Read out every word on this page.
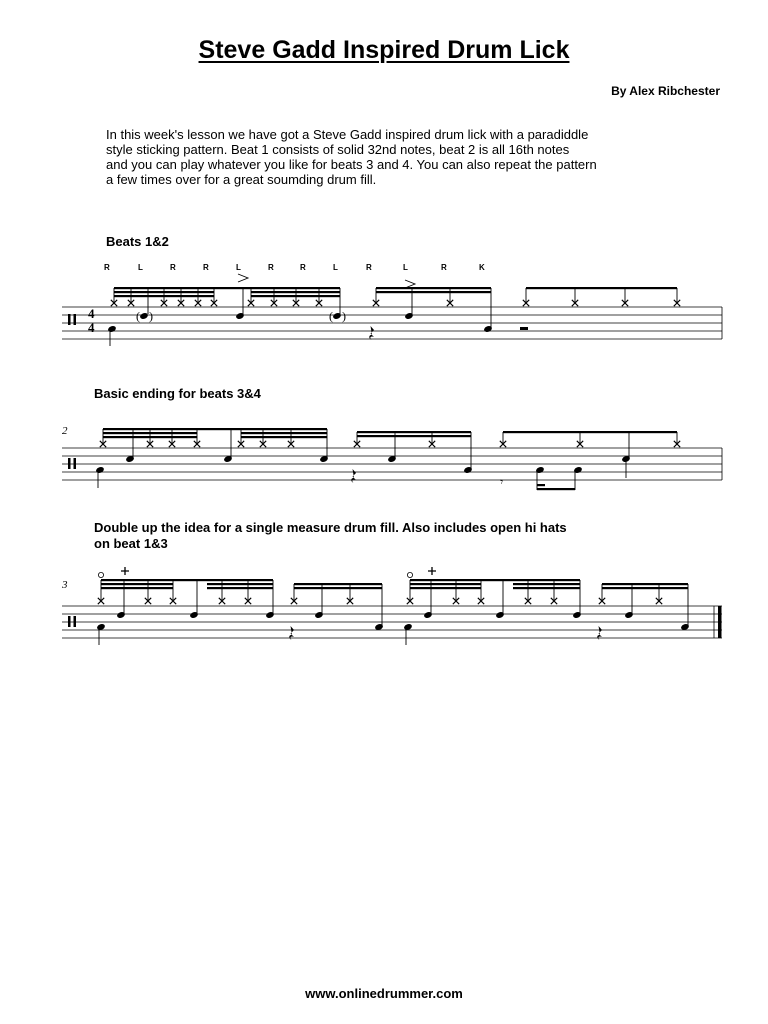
Steve Gadd Inspired Drum Lick
By Alex Ribchester
In this week's lesson we have got a Steve Gadd inspired drum lick with a paradiddle
style sticking pattern. Beat 1 consists of solid 32nd notes, beat 2 is all 16th notes
and you can play whatever you like for beats 3 and 4. You can also repeat the pattern
a few times over for a great soumding drum fill.
Beats 1&2
Basic ending for beats 3&4
Double up the idea for a single measure drum fill. Also includes open hi hats
on beat 1&3
R	L	R	R	L	R	R	L	R	L	R	K
4
4
( )	( )
2
𝄾
3
www.onlinedrummer.com
